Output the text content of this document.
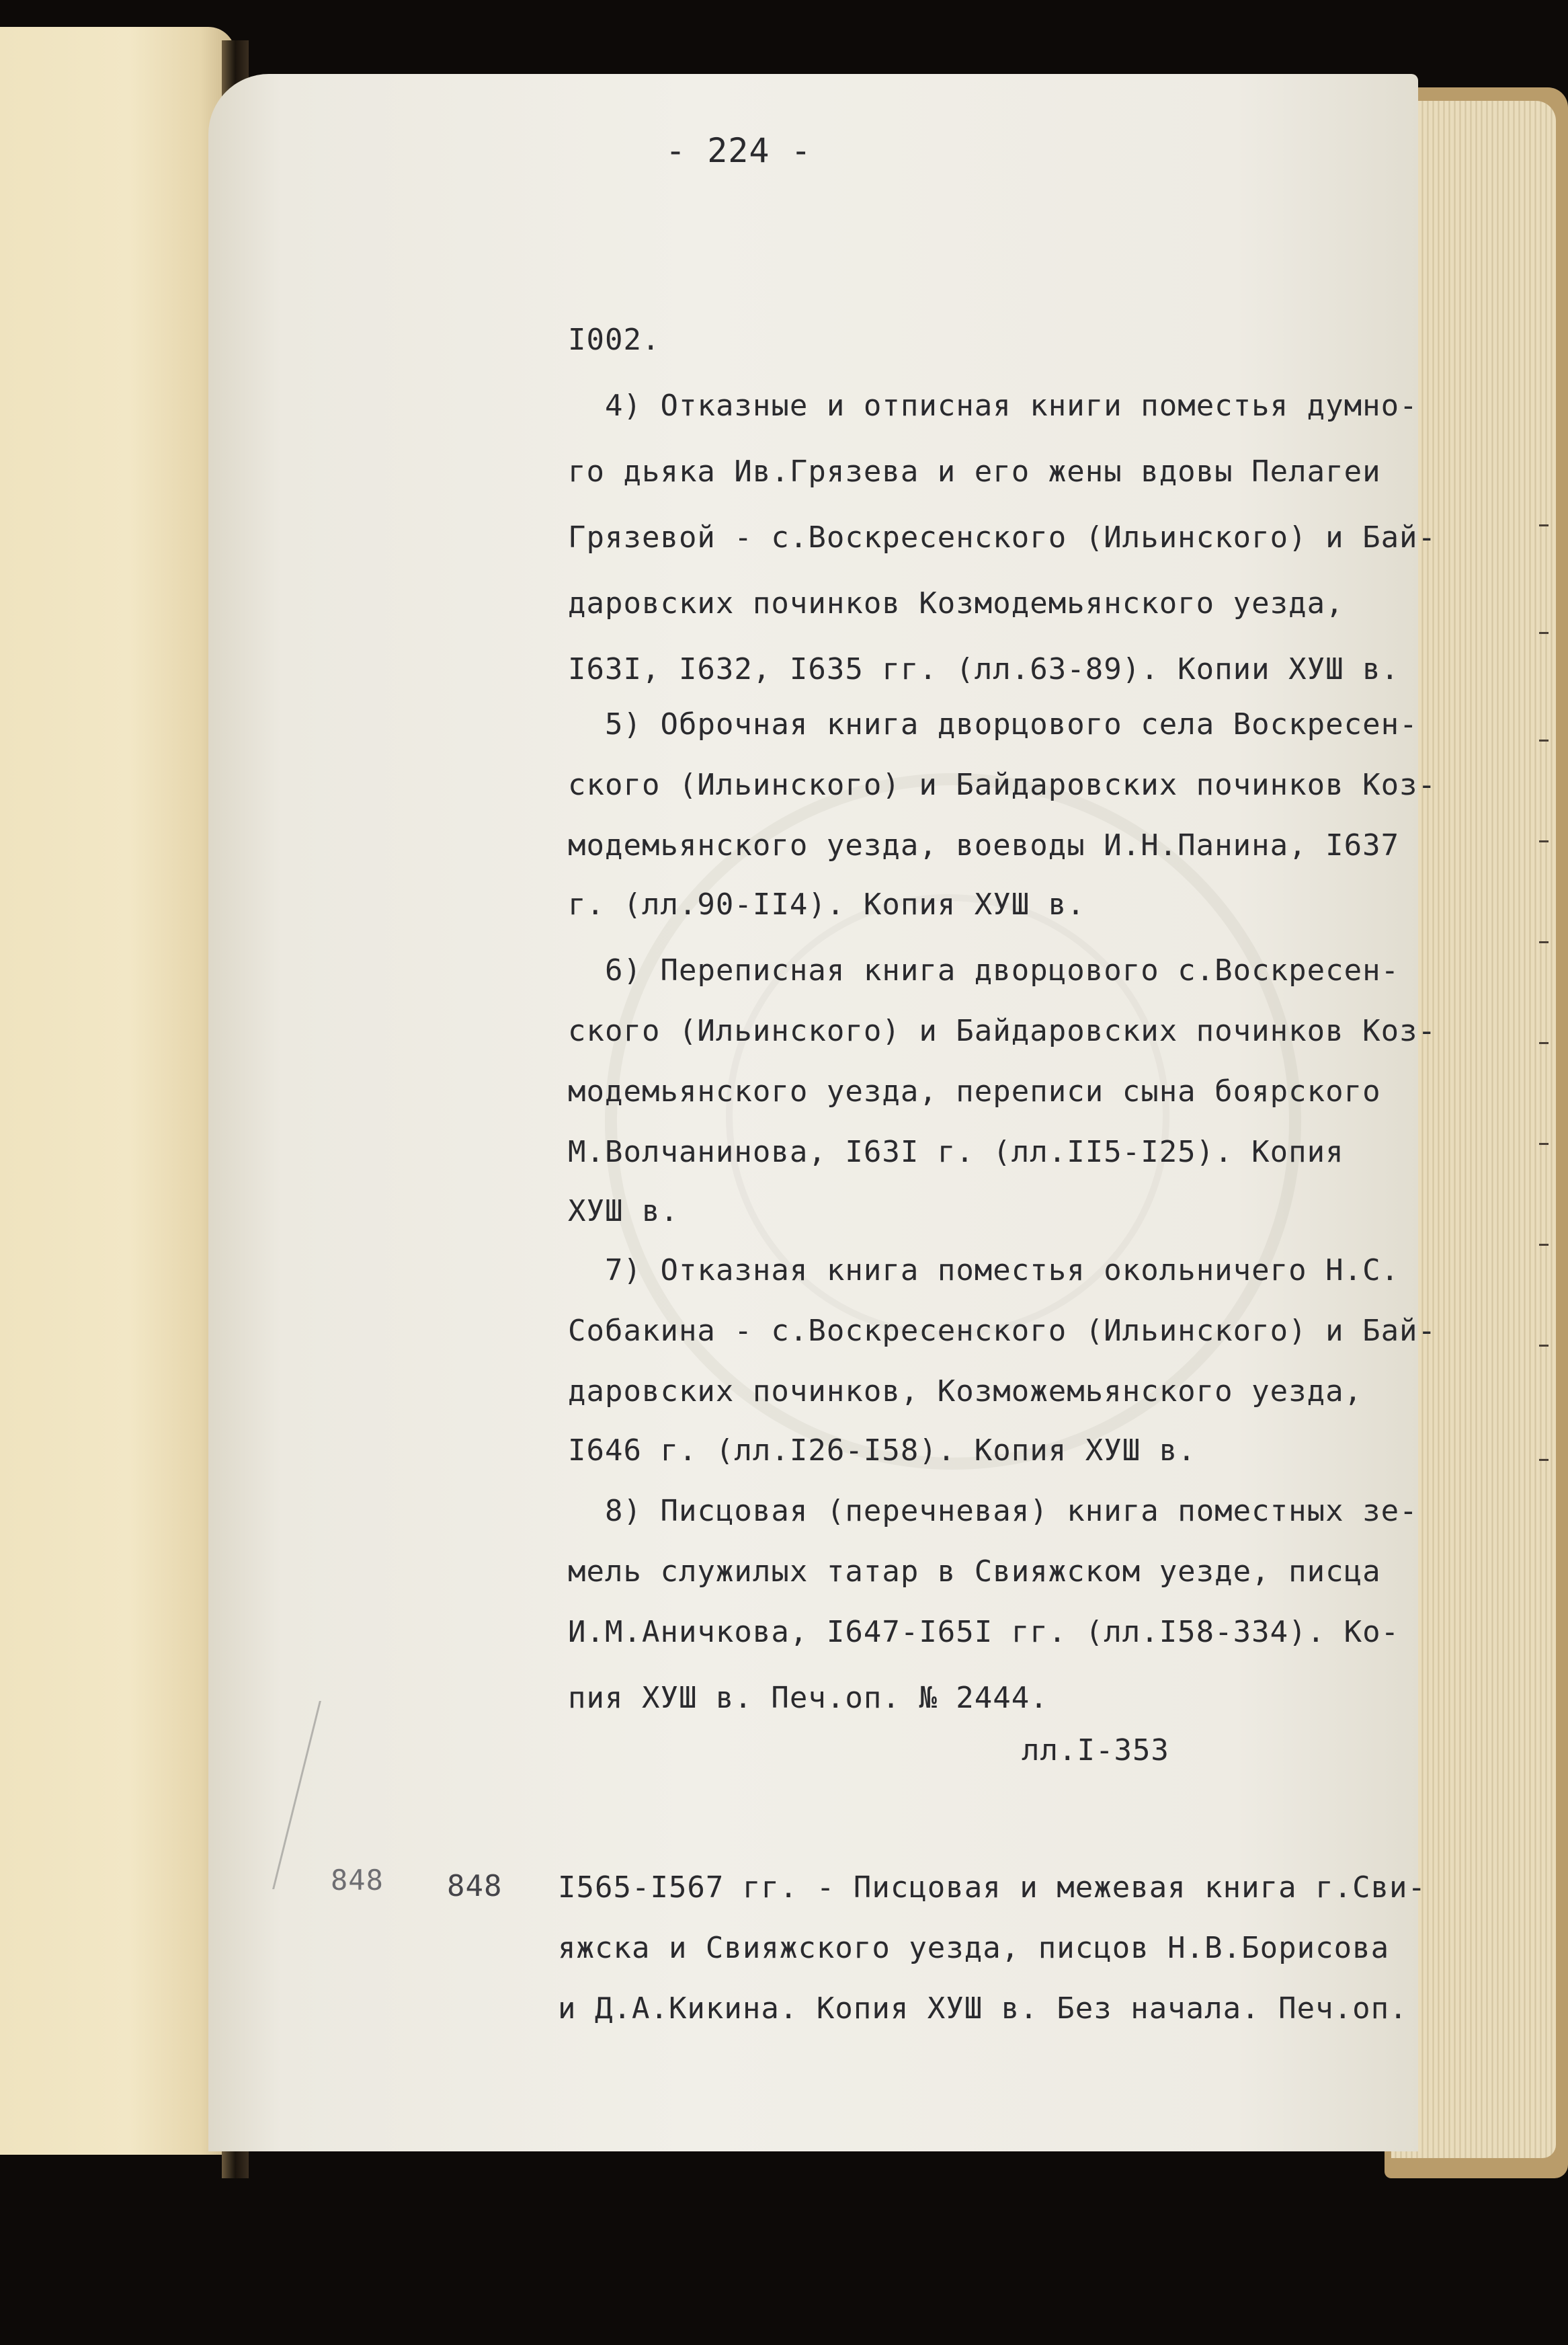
- 224 -
I002.
4) Отказные и отписная книги поместья думно-
го дьяка Ив.Грязева и его жены вдовы Пелагеи
Грязевой - с.Воскресенского (Ильинского) и Бай-
даровских починков Козмодемьянского уезда,
I63I, I632, I635 гг. (лл.63-89). Копии ХУШ в.
5) Оброчная книга дворцового села Воскресен-
ского (Ильинского) и Байдаровских починков Коз-
модемьянского уезда, воеводы И.Н.Панина, I637
г. (лл.90-II4). Копия ХУШ в.
6) Переписная книга дворцового с.Воскресен-
ского (Ильинского) и Байдаровских починков Коз-
модемьянского уезда, переписи сына боярского
М.Волчанинова, I63I г. (лл.II5-I25). Копия
ХУШ в.
7) Отказная книга поместья окольничего Н.С.
Собакина - с.Воскресенского (Ильинского) и Бай-
даровских починков, Козможемьянского уезда,
I646 г. (лл.I26-I58). Копия ХУШ в.
8) Писцовая (перечневая) книга поместных зе-
мель служилых татар в Свияжском уезде, писца
И.М.Аничкова, I647-I65I гг. (лл.I58-334). Ко-
пия ХУШ в. Печ.оп. № 2444.
лл.I-353
848 848 I565-I567 гг. - Писцовая и межевая книга г.Сви-
яжска и Свияжского уезда, писцов Н.В.Борисова
и Д.А.Кикина. Копия ХУШ в. Без начала. Печ.оп.
